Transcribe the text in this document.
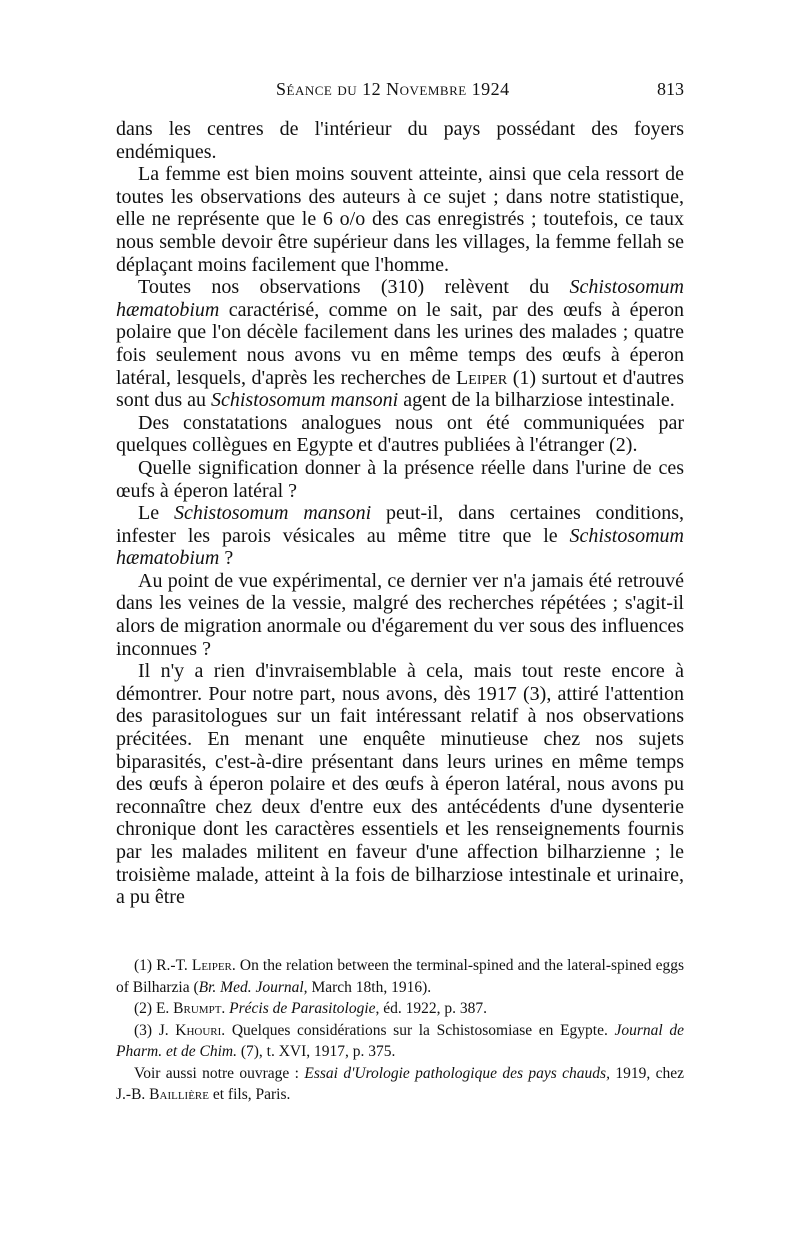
Séance du 12 Novembre 1924	813

dans les centres de l'intérieur du pays possédant des foyers endémiques.

La femme est bien moins souvent atteinte, ainsi que cela ressort de toutes les observations des auteurs à ce sujet ; dans notre statistique, elle ne représente que le 6 o/o des cas enregistrés ; toutefois, ce taux nous semble devoir être supérieur dans les villages, la femme fellah se déplaçant moins facilement que l'homme.

Toutes nos observations (310) relèvent du Schistosomum hæmatobium caractérisé, comme on le sait, par des œufs à éperon polaire que l'on décèle facilement dans les urines des malades ; quatre fois seulement nous avons vu en même temps des œufs à éperon latéral, lesquels, d'après les recherches de Leiper (1) surtout et d'autres sont dus au Schistosomum mansoni agent de la bilharziose intestinale.

Des constatations analogues nous ont été communiquées par quelques collègues en Egypte et d'autres publiées à l'étranger (2).

Quelle signification donner à la présence réelle dans l'urine de ces œufs à éperon latéral ?

Le Schistosomum mansoni peut-il, dans certaines conditions, infester les parois vésicales au même titre que le Schistosomum hæmatobium ?

Au point de vue expérimental, ce dernier ver n'a jamais été retrouvé dans les veines de la vessie, malgré des recherches répétées ; s'agit-il alors de migration anormale ou d'égarement du ver sous des influences inconnues ?

Il n'y a rien d'invraisemblable à cela, mais tout reste encore à démontrer. Pour notre part, nous avons, dès 1917 (3), attiré l'attention des parasitologues sur un fait intéressant relatif à nos observations précitées. En menant une enquête minutieuse chez nos sujets biparasités, c'est-à-dire présentant dans leurs urines en même temps des œufs à éperon polaire et des œufs à éperon latéral, nous avons pu reconnaître chez deux d'entre eux des antécédents d'une dysenterie chronique dont les caractères essentiels et les renseignements fournis par les malades militent en faveur d'une affection bilharzienne ; le troisième malade, atteint à la fois de bilharziose intestinale et urinaire, a pu être

(1) R.-T. Leiper. On the relation between the terminal-spined and the lateral-spined eggs of Bilharzia (Br. Med. Journal, March 18th, 1916).

(2) E. Brumpt. Précis de Parasitologie, éd. 1922, p. 387.

(3) J. Khouri. Quelques considérations sur la Schistosomiase en Egypte. Journal de Pharm. et de Chim. (7), t. XVI, 1917, p. 375.

Voir aussi notre ouvrage : Essai d'Urologie pathologique des pays chauds, 1919, chez J.-B. Baillière et fils, Paris.
